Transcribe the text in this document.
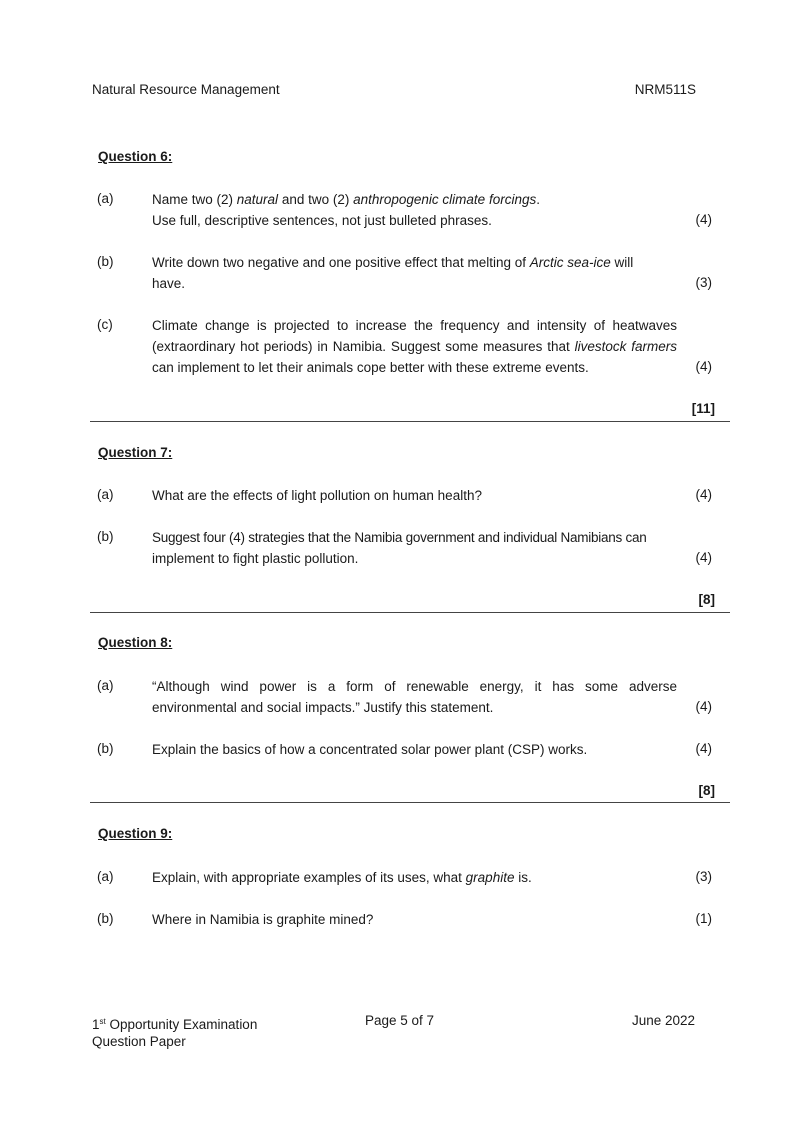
Natural Resource Management	NRM511S
Question 6:
(a)	Name two (2) natural and two (2) anthropogenic climate forcings.
Use full, descriptive sentences, not just bulleted phrases.	(4)
(b)	Write down two negative and one positive effect that melting of Arctic sea-ice will
have.	(3)
(c)	Climate change is projected to increase the frequency and intensity of heatwaves
(extraordinary hot periods) in Namibia. Suggest some measures that livestock farmers
can implement to let their animals cope better with these extreme events.	(4)
[11]
Question 7:
(a)	What are the effects of light pollution on human health?	(4)
(b)	Suggest four (4) strategies that the Namibia government and individual Namibians can
implement to fight plastic pollution.	(4)
[8]
Question 8:
(a)	“Although wind power is a form of renewable energy, it has some adverse
environmental and social impacts.” Justify this statement.	(4)
(b)	Explain the basics of how a concentrated solar power plant (CSP) works.	(4)
[8]
Question 9:
(a)	Explain, with appropriate examples of its uses, what graphite is.	(3)
(b)	Where in Namibia is graphite mined?	(1)
1st Opportunity Examination
Question Paper
Page 5 of 7	June 2022
